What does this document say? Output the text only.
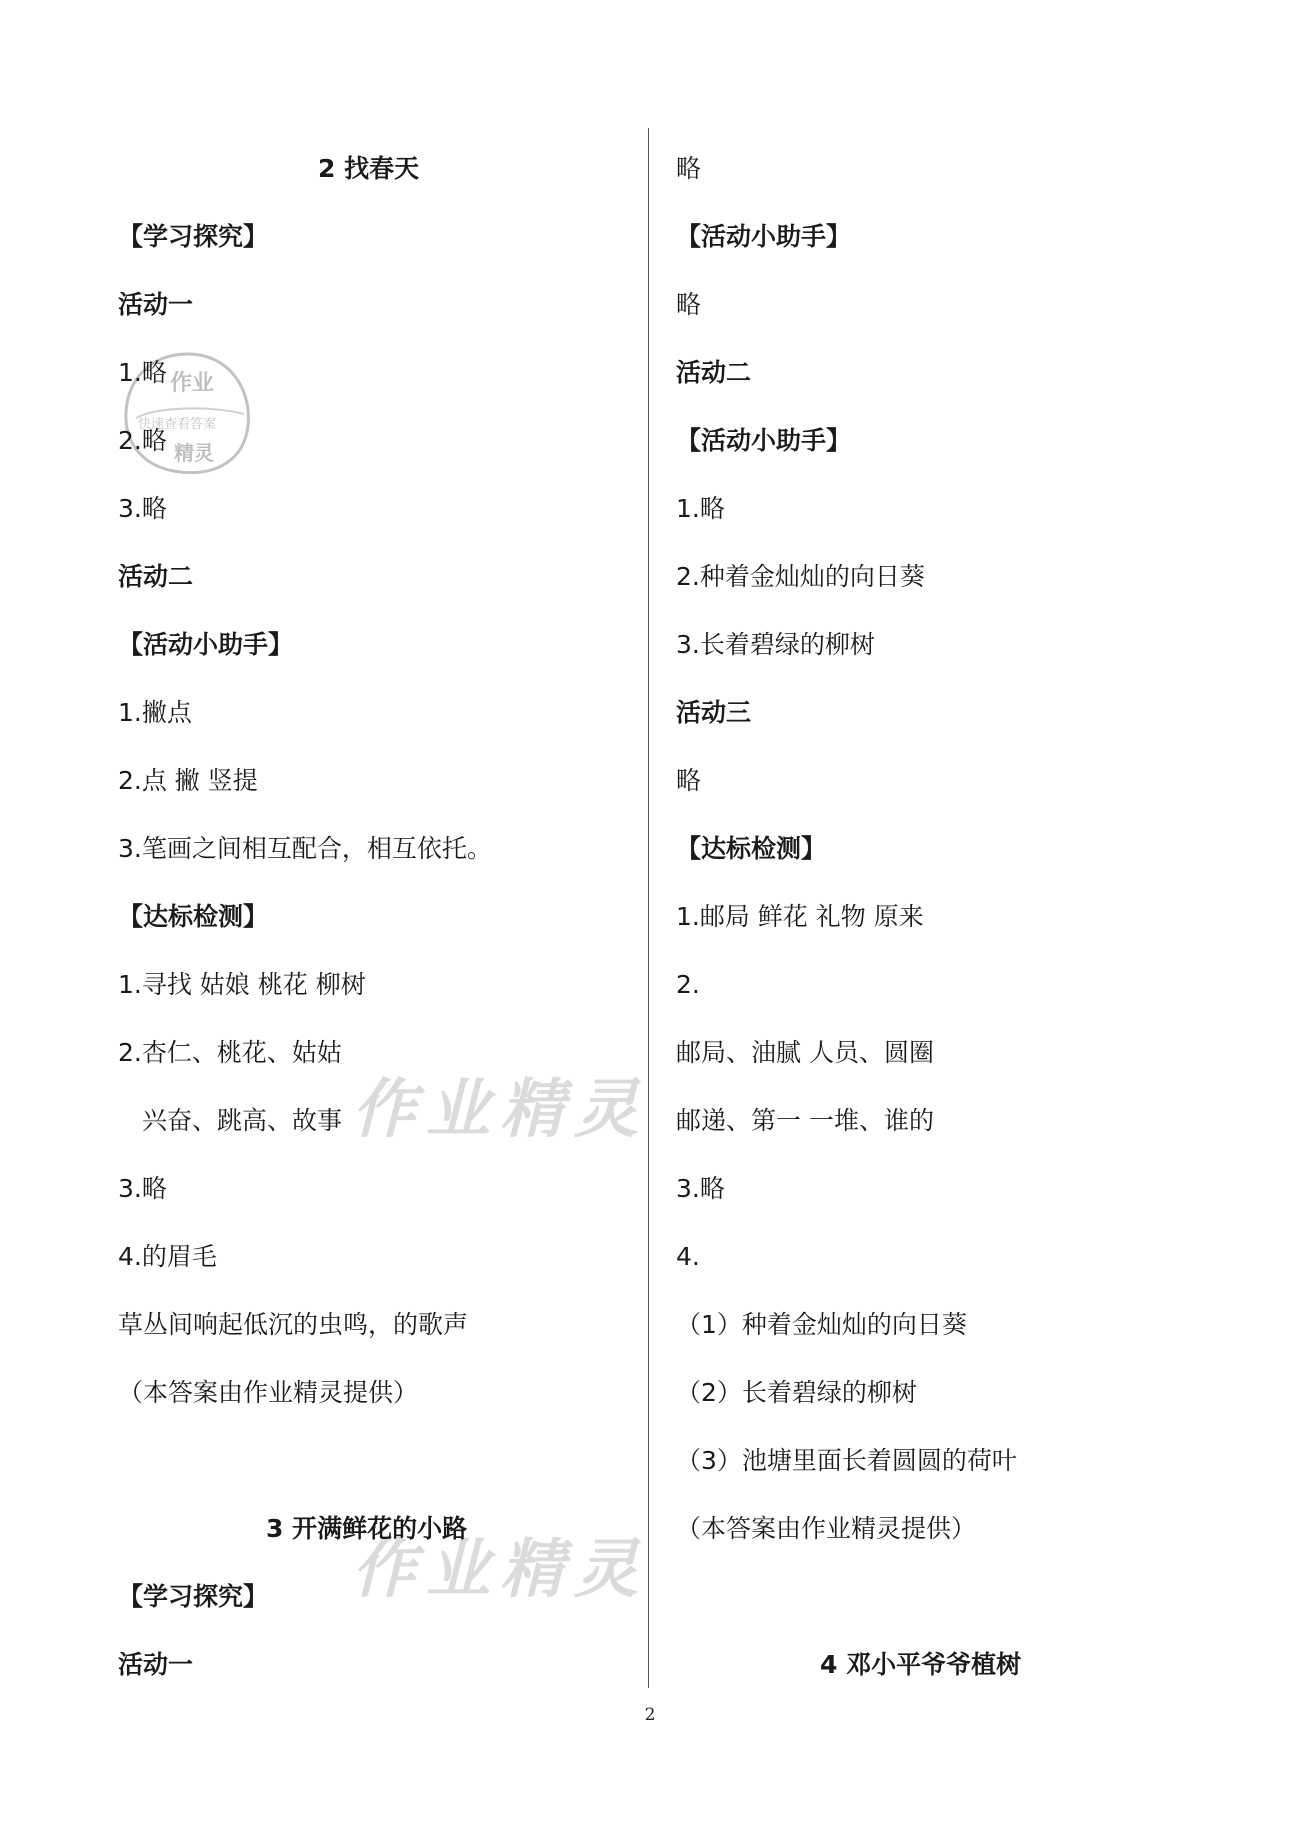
作业精灵
作业精灵
作业
快速查看答案
精灵
2 找春天
【学习探究】
活动一
1.略
2.略
3.略
活动二
【活动小助手】
1.撇点
2.点 撇 竖提
3.笔画之间相互配合，相互依托。
【达标检测】
1.寻找 姑娘 桃花 柳树
2.杏仁、桃花、姑姑
兴奋、跳高、故事
3.略
4.的眉毛
草丛间响起低沉的虫鸣，的歌声
（本答案由作业精灵提供）
3 开满鲜花的小路
【学习探究】
活动一
略
【活动小助手】
略
活动二
【活动小助手】
1.略
2.种着金灿灿的向日葵
3.长着碧绿的柳树
活动三
略
【达标检测】
1.邮局 鲜花 礼物 原来
2.
邮局、油腻 人员、圆圈
邮递、第一 一堆、谁的
3.略
4.
（1）种着金灿灿的向日葵
（2）长着碧绿的柳树
（3）池塘里面长着圆圆的荷叶
（本答案由作业精灵提供）
4 邓小平爷爷植树
2
